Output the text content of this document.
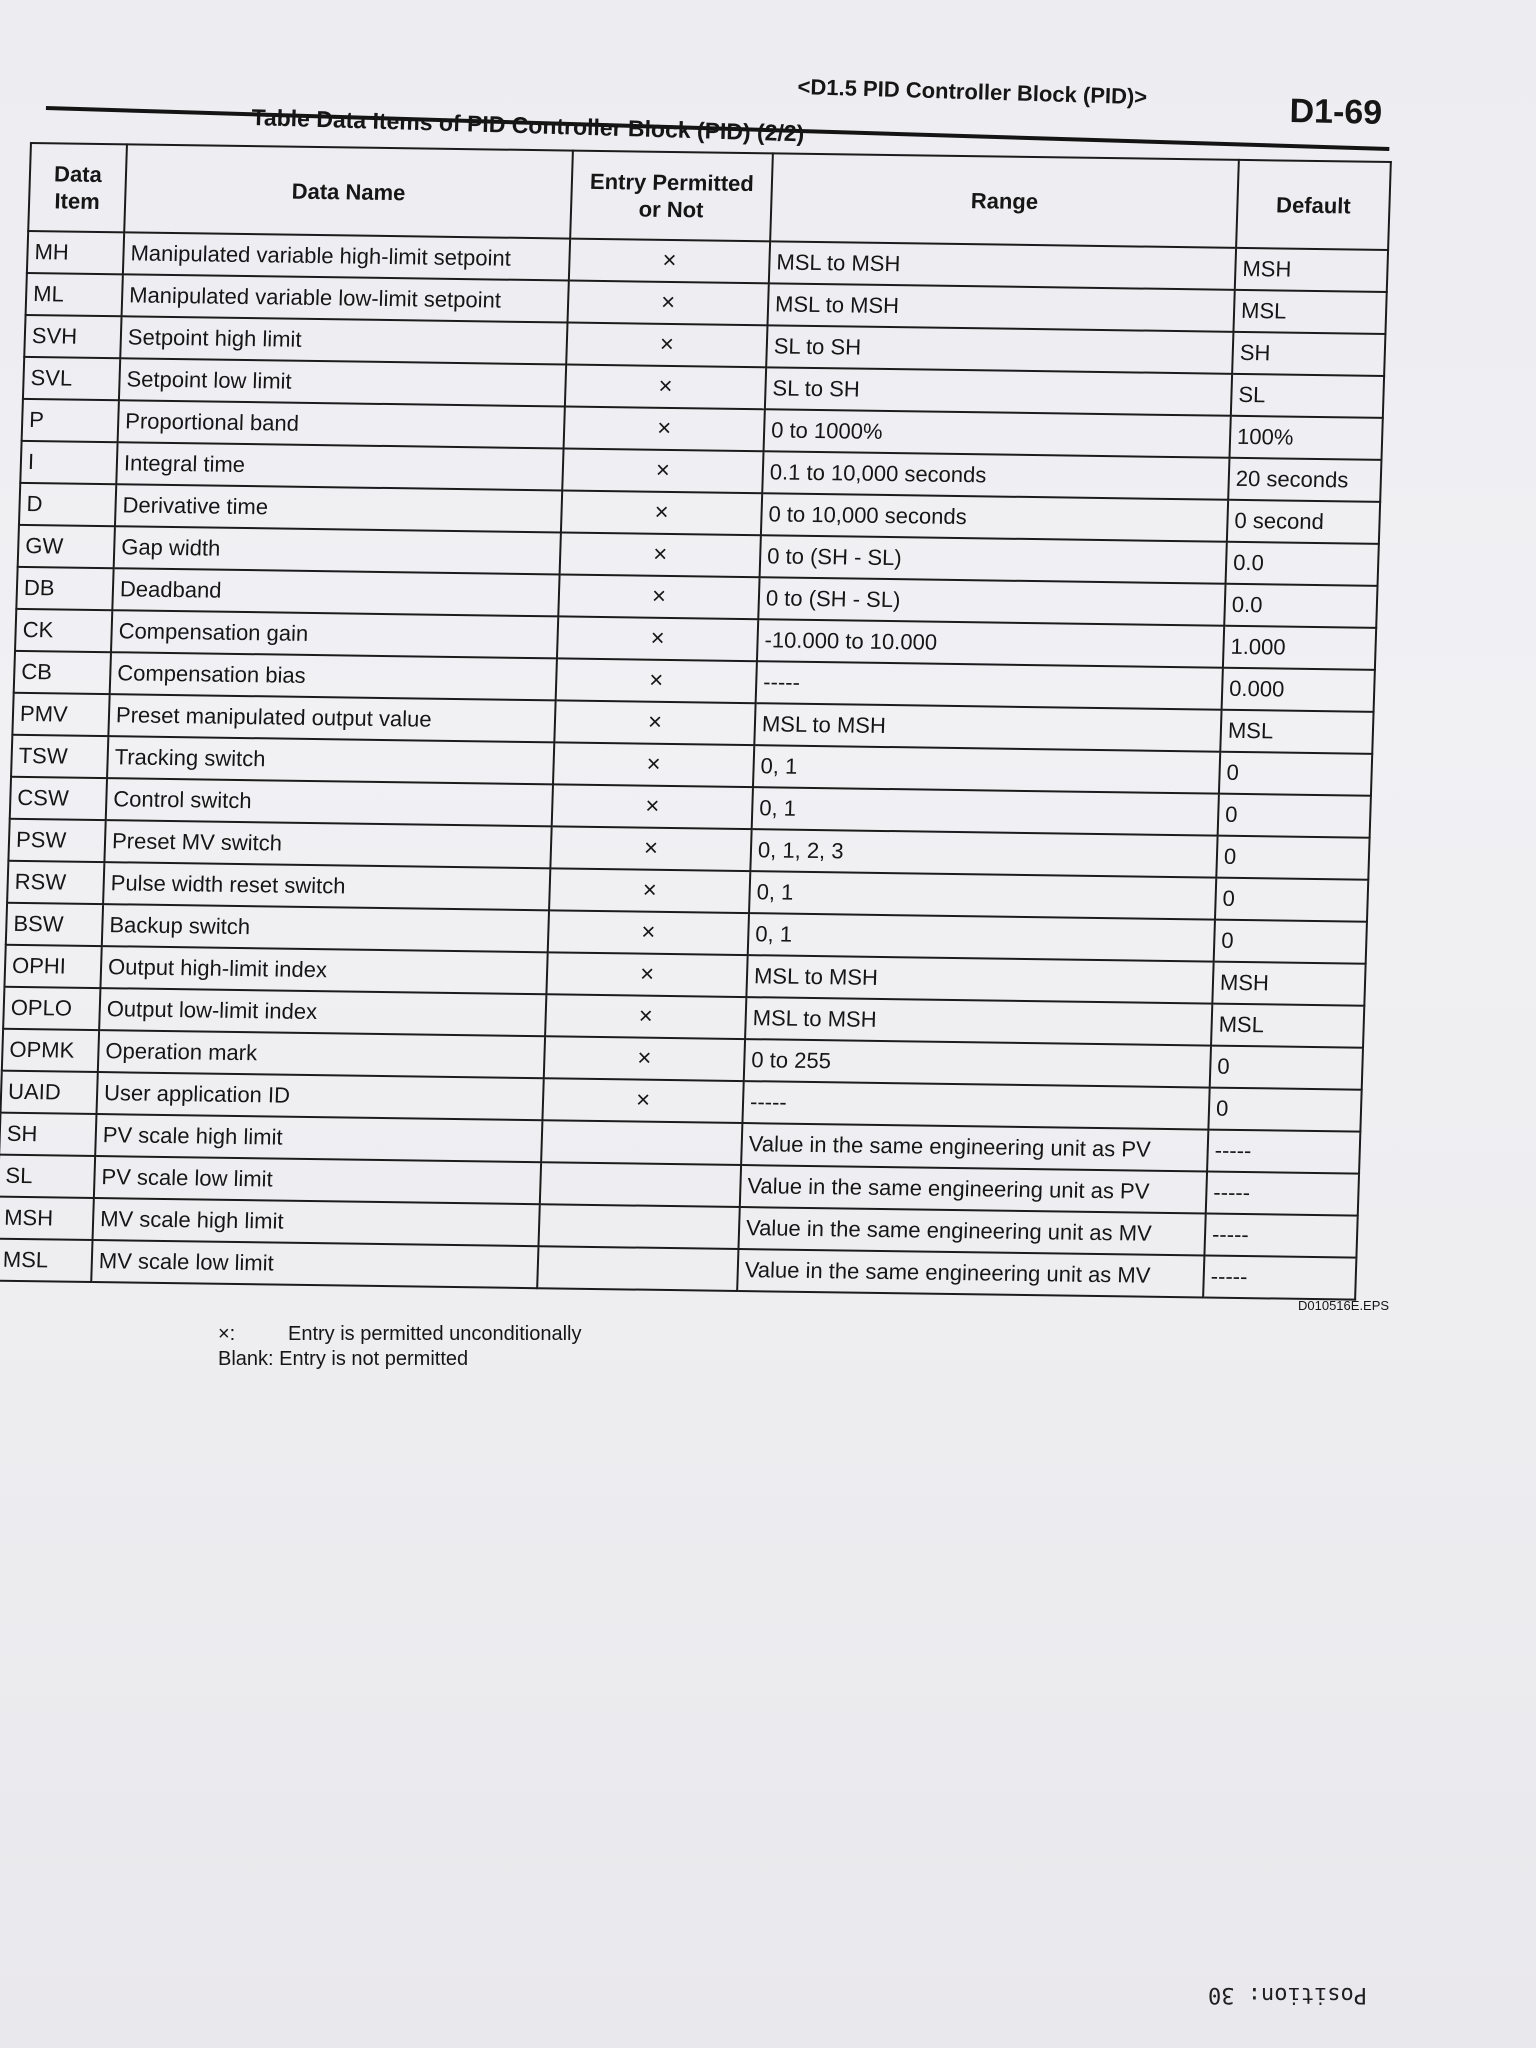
<D1.5 PID Controller Block (PID)>
D1-69
Table Data Items of PID Controller Block (PID) (2/2)
Data Item	Data Name	Entry Permitted or Not	Range	Default
MH	Manipulated variable high-limit setpoint	×	MSL to MSH	MSH
ML	Manipulated variable low-limit setpoint	×	MSL to MSH	MSL
SVH	Setpoint high limit	×	SL to SH	SH
SVL	Setpoint low limit	×	SL to SH	SL
P	Proportional band	×	0 to 1000%	100%
I	Integral time	×	0.1 to 10,000 seconds	20 seconds
D	Derivative time	×	0 to 10,000 seconds	0 second
GW	Gap width	×	0 to (SH - SL)	0.0
DB	Deadband	×	0 to (SH - SL)	0.0
CK	Compensation gain	×	-10.000 to 10.000	1.000
CB	Compensation bias	×	-----	0.000
PMV	Preset manipulated output value	×	MSL to MSH	MSL
TSW	Tracking switch	×	0, 1	0
CSW	Control switch	×	0, 1	0
PSW	Preset MV switch	×	0, 1, 2, 3	0
RSW	Pulse width reset switch	×	0, 1	0
BSW	Backup switch	×	0, 1	0
OPHI	Output high-limit index	×	MSL to MSH	MSH
OPLO	Output low-limit index	×	MSL to MSH	MSL
OPMK	Operation mark	×	0 to 255	0
UAID	User application ID	×	-----	0
SH	PV scale high limit		Value in the same engineering unit as PV	-----
SL	PV scale low limit		Value in the same engineering unit as PV	-----
MSH	MV scale high limit		Value in the same engineering unit as MV	-----
MSL	MV scale low limit		Value in the same engineering unit as MV	-----
D010516E.EPS
×:	Entry is permitted unconditionally
Blank: Entry is not permitted
Position: 30
